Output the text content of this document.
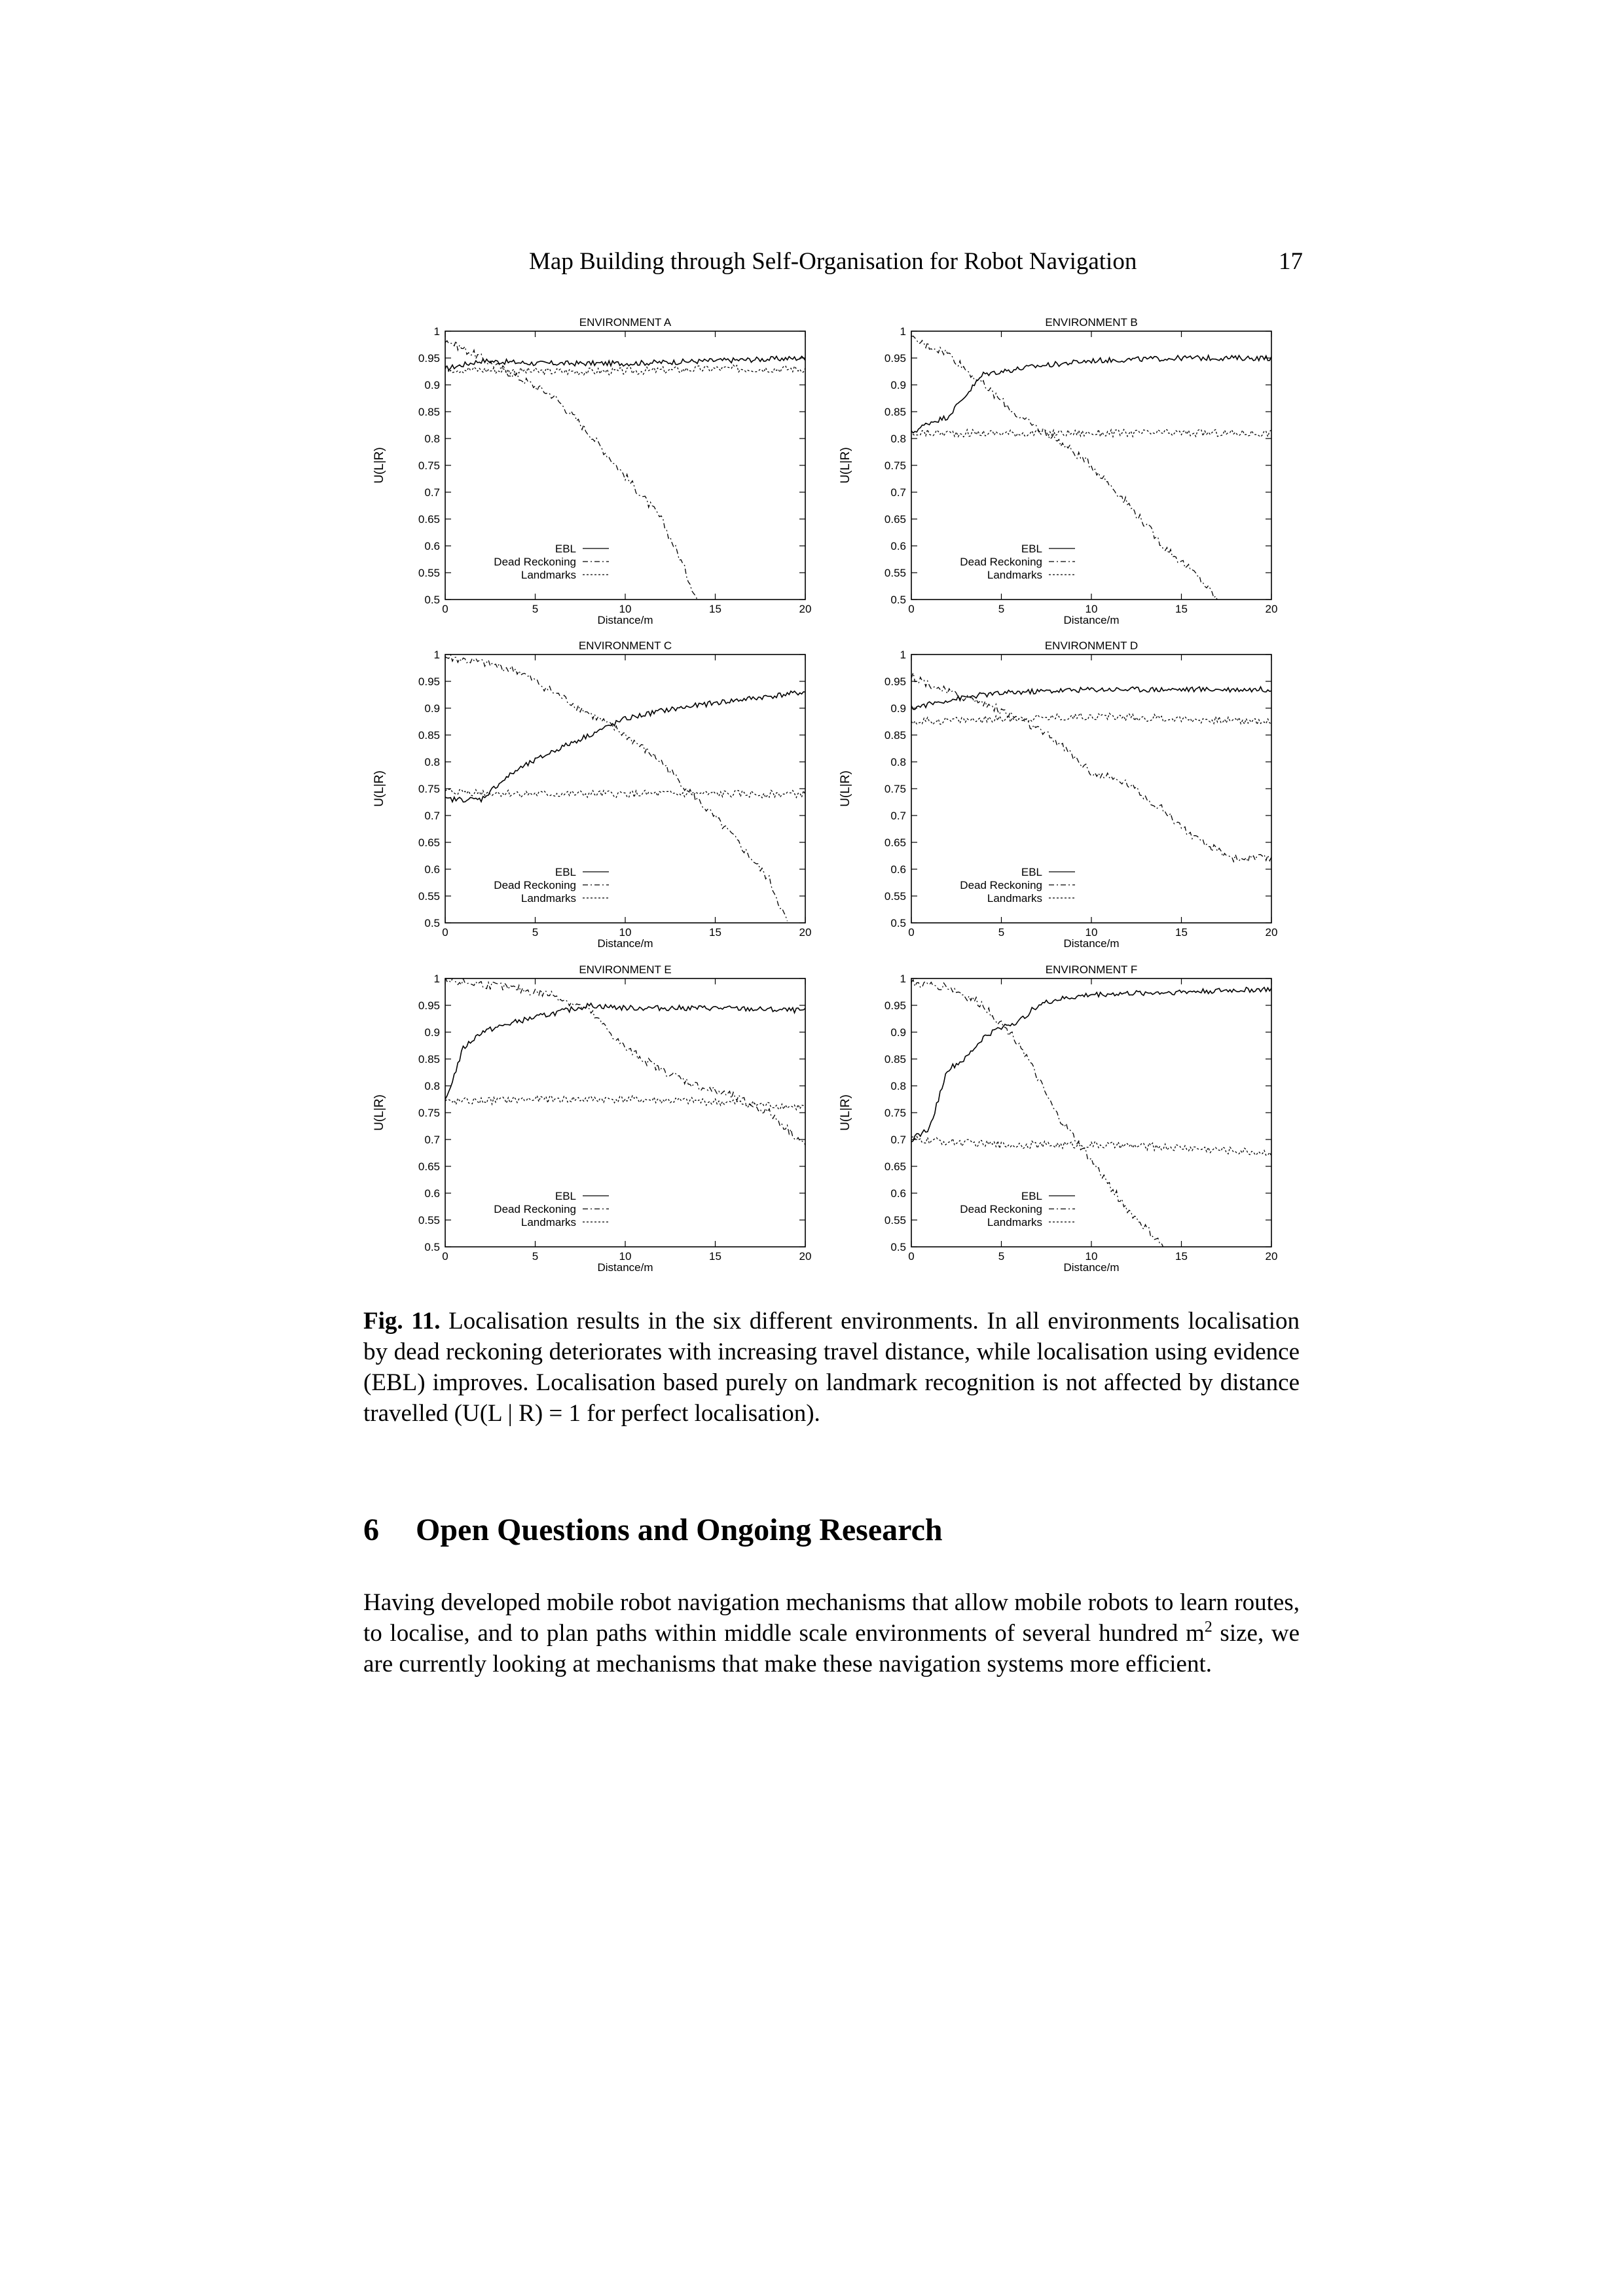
Map Building through Self-Organisation for Robot Navigation	17
ENVIRONMENT A
1
0.95
0.9
0.85
0.8
0.75
0.7
0.65
0.6
0.55
0.5
0	5	10	15	20
Distance/m
U(L|R)
EBL
Dead Reckoning
Landmarks
ENVIRONMENT B
1
0.95
0.9
0.85
0.8
0.75
0.7
0.65
0.6
0.55
0.5
0	5	10	15	20
Distance/m
U(L|R)
EBL
Dead Reckoning
Landmarks
ENVIRONMENT C
1
0.95
0.9
0.85
0.8
0.75
0.7
0.65
0.6
0.55
0.5
0	5	10	15	20
Distance/m
U(L|R)
EBL
Dead Reckoning
Landmarks
ENVIRONMENT D
1
0.95
0.9
0.85
0.8
0.75
0.7
0.65
0.6
0.55
0.5
0	5	10	15	20
Distance/m
U(L|R)
EBL
Dead Reckoning
Landmarks
ENVIRONMENT E
1
0.95
0.9
0.85
0.8
0.75
0.7
0.65
0.6
0.55
0.5
0	5	10	15	20
Distance/m
U(L|R)
EBL
Dead Reckoning
Landmarks
ENVIRONMENT F
1
0.95
0.9
0.85
0.8
0.75
0.7
0.65
0.6
0.55
0.5
0	5	10	15	20
Distance/m
U(L|R)
EBL
Dead Reckoning
Landmarks
Fig. 11. Localisation results in the six different environments. In all environments localisation by dead reckoning deteriorates with increasing travel distance, while localisation using evidence (EBL) improves. Localisation based purely on landmark recognition is not affected by distance travelled (U(L | R) = 1 for perfect localisation).
6 Open Questions and Ongoing Research
Having developed mobile robot navigation mechanisms that allow mobile robots to learn routes, to localise, and to plan paths within middle scale environments of several hundred $m^2$ size, we are currently looking at mechanisms that make these navigation systems more efficient.
